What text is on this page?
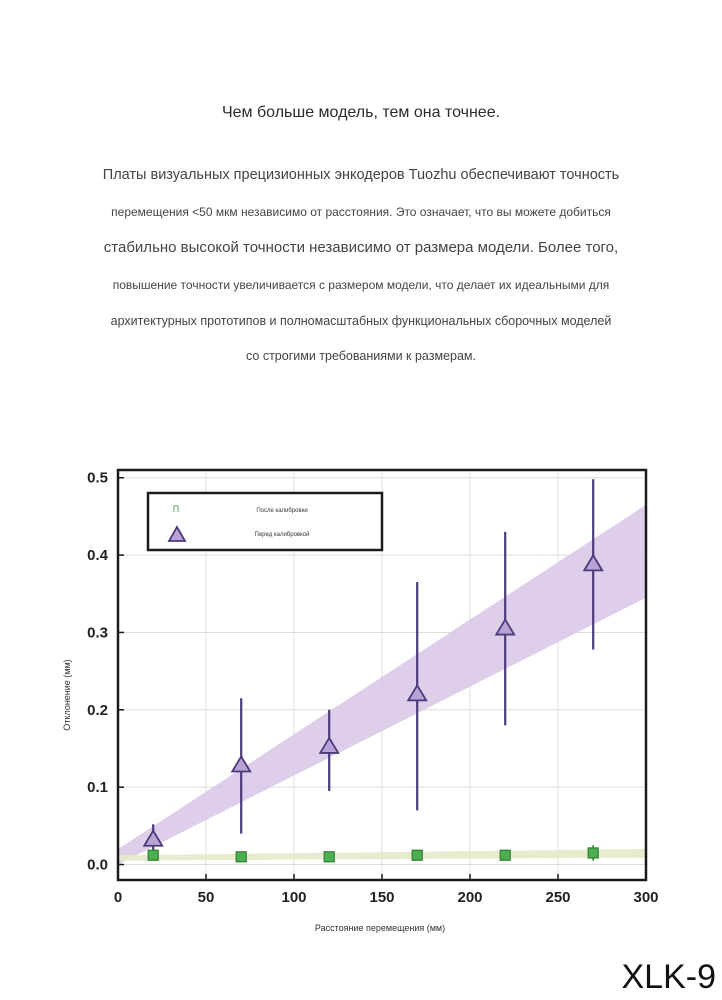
Чем больше модель, тем она точнее.
Платы визуальных прецизионных энкодеров Tuozhu обеспечивают точность
перемещения <50 мкм независимо от расстояния. Это означает, что вы можете добиться
стабильно высокой точности независимо от размера модели. Более того,
повышение точности увеличивается с размером модели, что делает их идеальными для
архитектурных прототипов и полномасштабных функциональных сборочных моделей
со строгими требованиями к размерам.
0	50	100	150	200	250	300
0.0
0.1
0.2
0.3
0.4
0.5
Расстояние перемещения (мм)
Отклонение (мм)
П	После калибровки
Перед калибровкой
XLK-9
